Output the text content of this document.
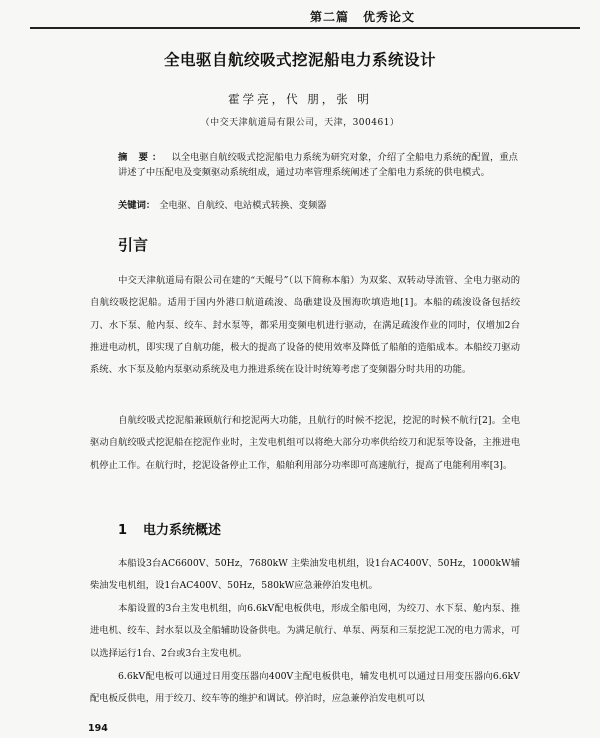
第二篇 优秀论文
全电驱自航绞吸式挖泥船电力系统设计
霍学亮，代 朋，张 明
（中交天津航道局有限公司，天津，300461）
摘 要： 以全电驱自航绞吸式挖泥船电力系统为研究对象，介绍了全船电力系统的配置，重点讲述了中压配电及变频驱动系统组成，通过功率管理系统阐述了全船电力系统的供电模式。
关键词： 全电驱、自航绞、电站模式转换、变频器
引言
中交天津航道局有限公司在建的“天鲲号”（以下简称本船）为双桨、双转动导流管、全电力驱动的自航绞吸挖泥船。适用于国内外港口航道疏浚、岛礁建设及围海吹填造地[1]。本船的疏浚设备包括绞刀、水下泵、舱内泵、绞车、封水泵等，都采用变频电机进行驱动，在满足疏浚作业的同时，仅增加2台推进电动机，即实现了自航功能，极大的提高了设备的使用效率及降低了船舶的造船成本。本船绞刀驱动系统、水下泵及舱内泵驱动系统及电力推进系统在设计时统筹考虑了变频器分时共用的功能。
自航绞吸式挖泥船兼顾航行和挖泥两大功能，且航行的时候不挖泥，挖泥的时候不航行[2]。全电驱动自航绞吸式挖泥船在挖泥作业时，主发电机组可以将绝大部分功率供给绞刀和泥泵等设备，主推进电机停止工作。在航行时，挖泥设备停止工作，船舶利用部分功率即可高速航行，提高了电能利用率[3]。
1 电力系统概述
本船设3台AC6600V、50Hz，7680kW 主柴油发电机组，设1台AC400V、50Hz，1000kW辅柴油发电机组，设1台AC400V、50Hz，580kW应急兼停泊发电机。
本船设置的3台主发电机组，向6.6kV配电板供电，形成全船电网，为绞刀、水下泵、舱内泵、推进电机、绞车、封水泵以及全船辅助设备供电。为满足航行、单泵、两泵和三泵挖泥工况的电力需求，可以选择运行1台、2台或3台主发电机。
6.6kV配电板可以通过日用变压器向400V主配电板供电，辅发电机可以通过日用变压器向6.6kV配电板反供电，用于绞刀、绞车等的维护和调试。停泊时，应急兼停泊发电机可以
194
